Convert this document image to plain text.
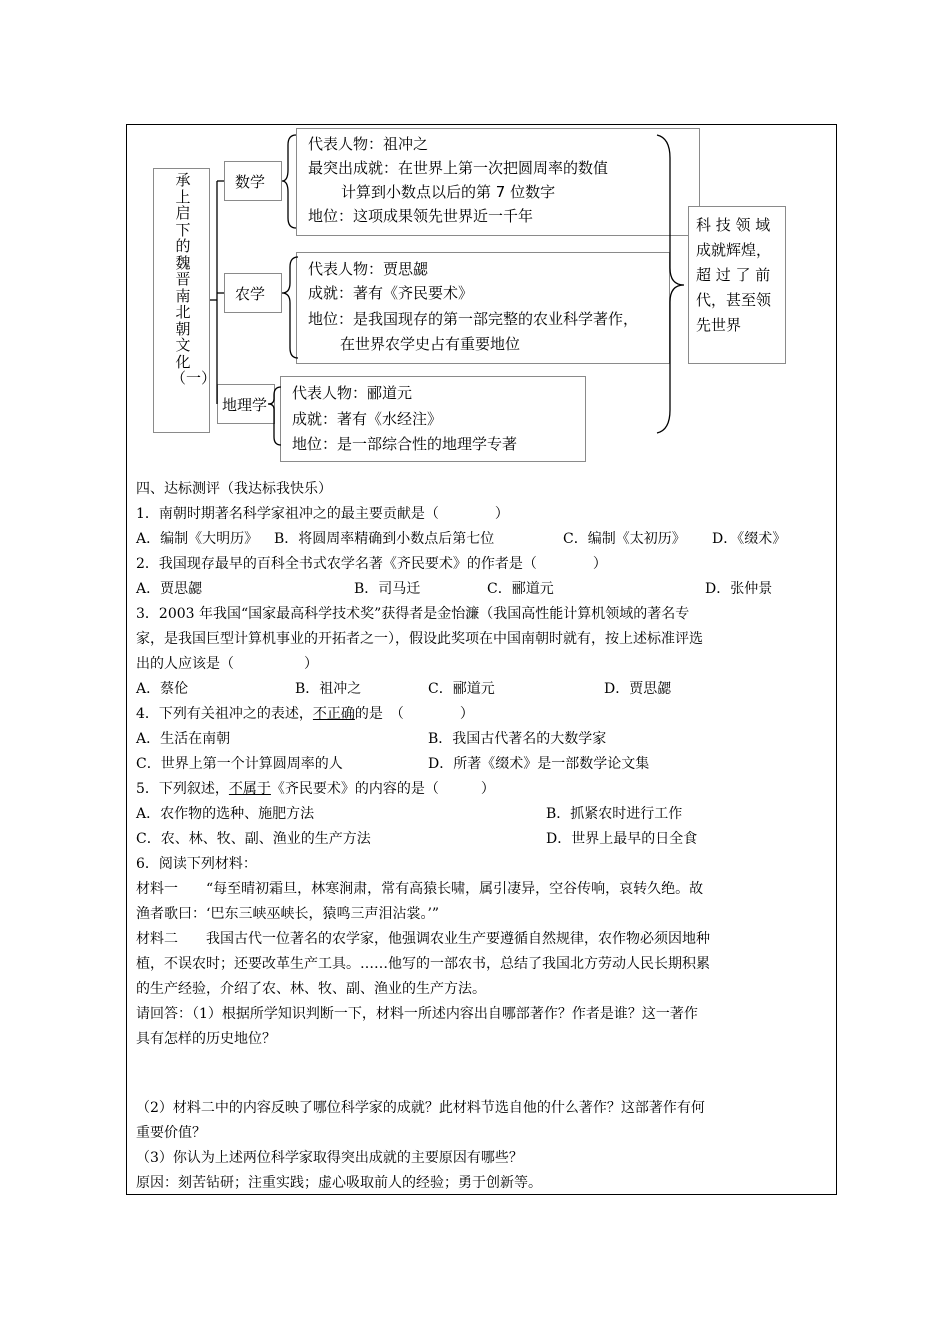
承上启下的魏晋南北朝文化（一）
数学
农学
地理学
代表人物：祖冲之
最突出成就：在世界上第一次把圆周率的数值
计算到小数点以后的第 7 位数字
地位：这项成果领先世界近一千年
代表人物：贾思勰
成就：著有《齐民要术》
地位：是我国现存的第一部完整的农业科学著作，
在世界农学史占有重要地位
代表人物：郦道元
成就：著有《水经注》
地位：是一部综合性的地理学专著
科 技 领 域
成就辉煌，
超 过 了 前
代，甚至领
先世界
四、达标测评（我达标我快乐）
1．南朝时期著名科学家祖冲之的最主要贡献是（　　　　）
A．编制《大明历》 B．将圆周率精确到小数点后第七位	C．编制《太初历》 D．《缀术》
2．我国现存最早的百科全书式农学名著《齐民要术》的作者是（　　　　）
A．贾思勰	B．司马迁	C．郦道元	D．张仲景
3．2003 年我国“国家最高科学技术奖”获得者是金怡濂（我国高性能计算机领域的著名专
家，是我国巨型计算机事业的开拓者之一），假设此奖项在中国南朝时就有，按上述标准评选
出的人应该是（　　　　　）
A．蔡伦	B．祖冲之	C．郦道元	D．贾思勰
4．下列有关祖冲之的表述，不正确的是　（　　　　）
A．生活在南朝	B．我国古代著名的大数学家
C．世界上第一个计算圆周率的人	D．所著《缀术》是一部数学论文集
5．下列叙述，不属于《齐民要术》的内容的是（　　　）
A．农作物的选种、施肥方法	B．抓紧农时进行工作
C．农、林、牧、副、渔业的生产方法	D．世界上最早的日全食
6．阅读下列材料：
材料一　　“每至晴初霜旦，林寒涧肃，常有高猿长啸，属引凄异，空谷传响，哀转久绝。故
渔者歌曰：‘巴东三峡巫峡长，猿鸣三声泪沾裳。’”
材料二　　我国古代一位著名的农学家，他强调农业生产要遵循自然规律，农作物必须因地种
植，不误农时；还要改革生产工具。……他写的一部农书，总结了我国北方劳动人民长期积累
的生产经验，介绍了农、林、牧、副、渔业的生产方法。
请回答：（1）根据所学知识判断一下，材料一所述内容出自哪部著作？作者是谁？这一著作
具有怎样的历史地位？
（2）材料二中的内容反映了哪位科学家的成就？此材料节选自他的什么著作？这部著作有何
重要价值？
（3）你认为上述两位科学家取得突出成就的主要原因有哪些？
原因：刻苦钻研；注重实践；虚心吸取前人的经验；勇于创新等。
